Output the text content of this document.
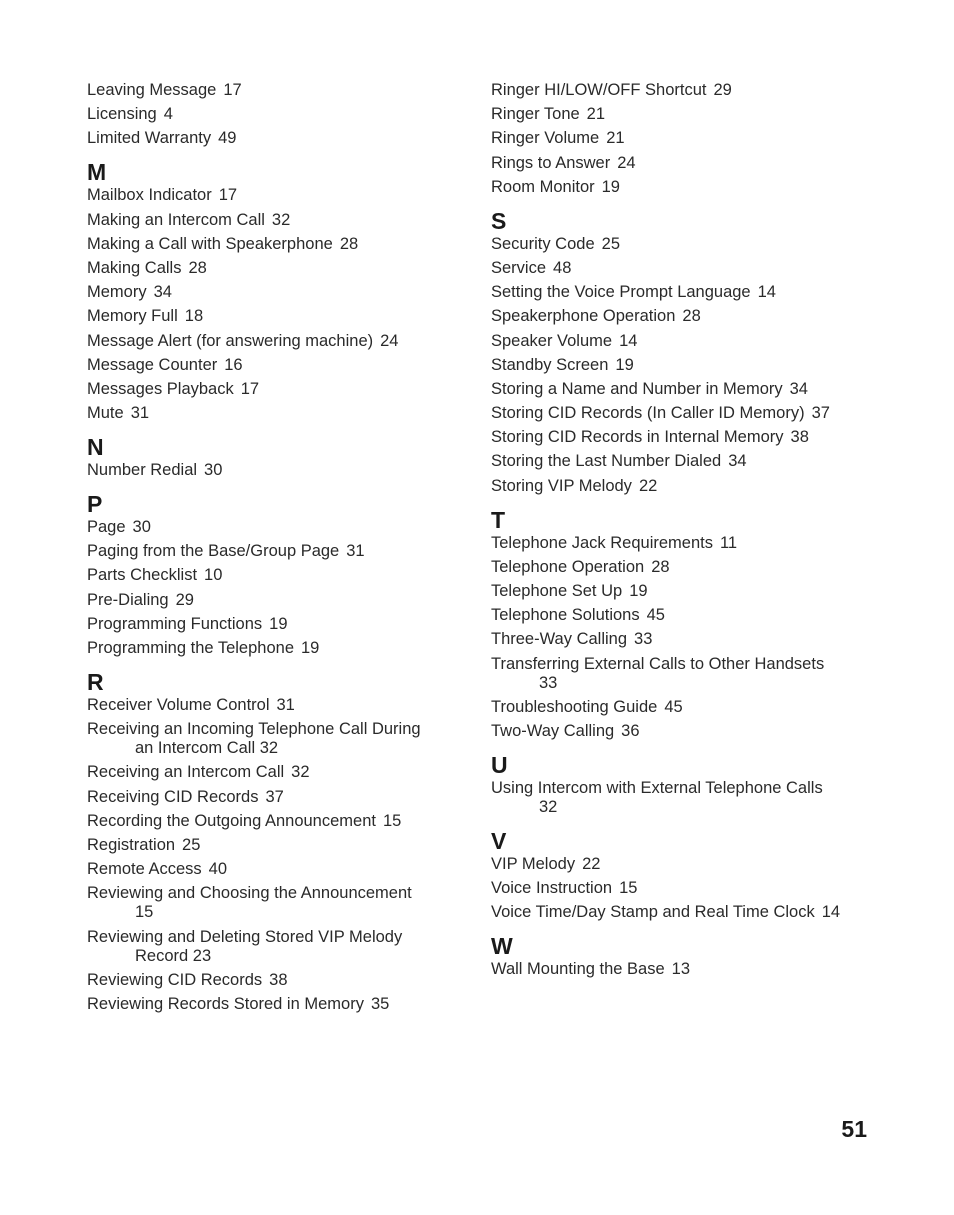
Leaving Message 17
Licensing 4
Limited Warranty 49
M
Mailbox Indicator 17
Making an Intercom Call 32
Making a Call with Speakerphone 28
Making Calls 28
Memory 34
Memory Full 18
Message Alert (for answering machine) 24
Message Counter 16
Messages Playback 17
Mute 31
N
Number Redial 30
P
Page 30
Paging from the Base/Group Page 31
Parts Checklist 10
Pre-Dialing 29
Programming Functions 19
Programming the Telephone 19
R
Receiver Volume Control 31
Receiving an Incoming Telephone Call During
an Intercom Call 32
Receiving an Intercom Call 32
Receiving CID Records 37
Recording the Outgoing Announcement 15
Registration 25
Remote Access 40
Reviewing and Choosing the Announcement
15
Reviewing and Deleting Stored VIP Melody
Record 23
Reviewing CID Records 38
Reviewing Records Stored in Memory 35
Ringer HI/LOW/OFF Shortcut 29
Ringer Tone 21
Ringer Volume 21
Rings to Answer 24
Room Monitor 19
S
Security Code 25
Service 48
Setting the Voice Prompt Language 14
Speakerphone Operation 28
Speaker Volume 14
Standby Screen 19
Storing a Name and Number in Memory 34
Storing CID Records (In Caller ID Memory) 37
Storing CID Records in Internal Memory 38
Storing the Last Number Dialed 34
Storing VIP Melody 22
T
Telephone Jack Requirements 11
Telephone Operation 28
Telephone Set Up 19
Telephone Solutions 45
Three-Way Calling 33
Transferring External Calls to Other Handsets
33
Troubleshooting Guide 45
Two-Way Calling 36
U
Using Intercom with External Telephone Calls
32
V
VIP Melody 22
Voice Instruction 15
Voice Time/Day Stamp and Real Time Clock 14
W
Wall Mounting the Base 13
51
